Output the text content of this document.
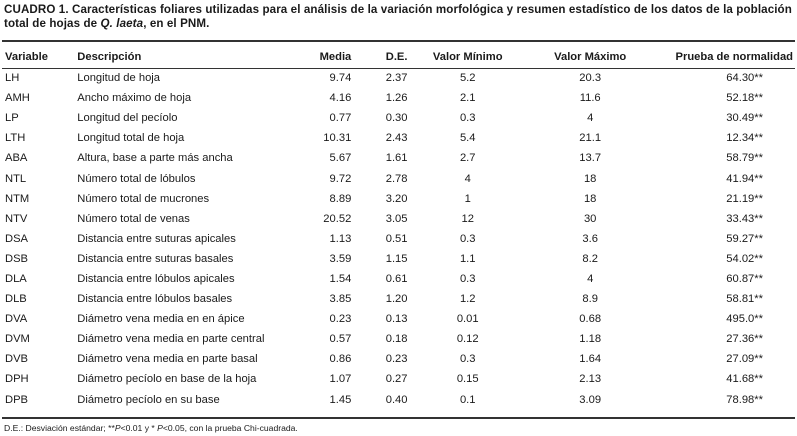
CUADRO 1. Características foliares utilizadas para el análisis de la variación morfológica y resumen estadístico de los datos de la población total de hojas de Q. laeta, en el PNM.
Variable	Descripción	Media	D.E.	Valor Mínimo	Valor Máximo	Prueba de normalidad
LH	Longitud de hoja	9.74	2.37	5.2	20.3	64.30**
AMH	Ancho máximo de hoja	4.16	1.26	2.1	11.6	52.18**
LP	Longitud del pecíolo	0.77	0.30	0.3	4	30.49**
LTH	Longitud total de hoja	10.31	2.43	5.4	21.1	12.34**
ABA	Altura, base a parte más ancha	5.67	1.61	2.7	13.7	58.79**
NTL	Número total de lóbulos	9.72	2.78	4	18	41.94**
NTM	Número total de mucrones	8.89	3.20	1	18	21.19**
NTV	Número total de venas	20.52	3.05	12	30	33.43**
DSA	Distancia entre suturas apicales	1.13	0.51	0.3	3.6	59.27**
DSB	Distancia entre suturas basales	3.59	1.15	1.1	8.2	54.02**
DLA	Distancia entre lóbulos apicales	1.54	0.61	0.3	4	60.87**
DLB	Distancia entre lóbulos basales	3.85	1.20	1.2	8.9	58.81**
DVA	Diámetro vena media en en ápice	0.23	0.13	0.01	0.68	495.0**
DVM	Diámetro vena media en parte central	0.57	0.18	0.12	1.18	27.36**
DVB	Diámetro vena media en parte basal	0.86	0.23	0.3	1.64	27.09**
DPH	Diámetro pecíolo en base de la hoja	1.07	0.27	0.15	2.13	41.68**
DPB	Diámetro pecíolo en su base	1.45	0.40	0.1	3.09	78.98**
D.E.: Desviación estándar; **P<0.01 y * P<0.05, con la prueba Chi-cuadrada.
